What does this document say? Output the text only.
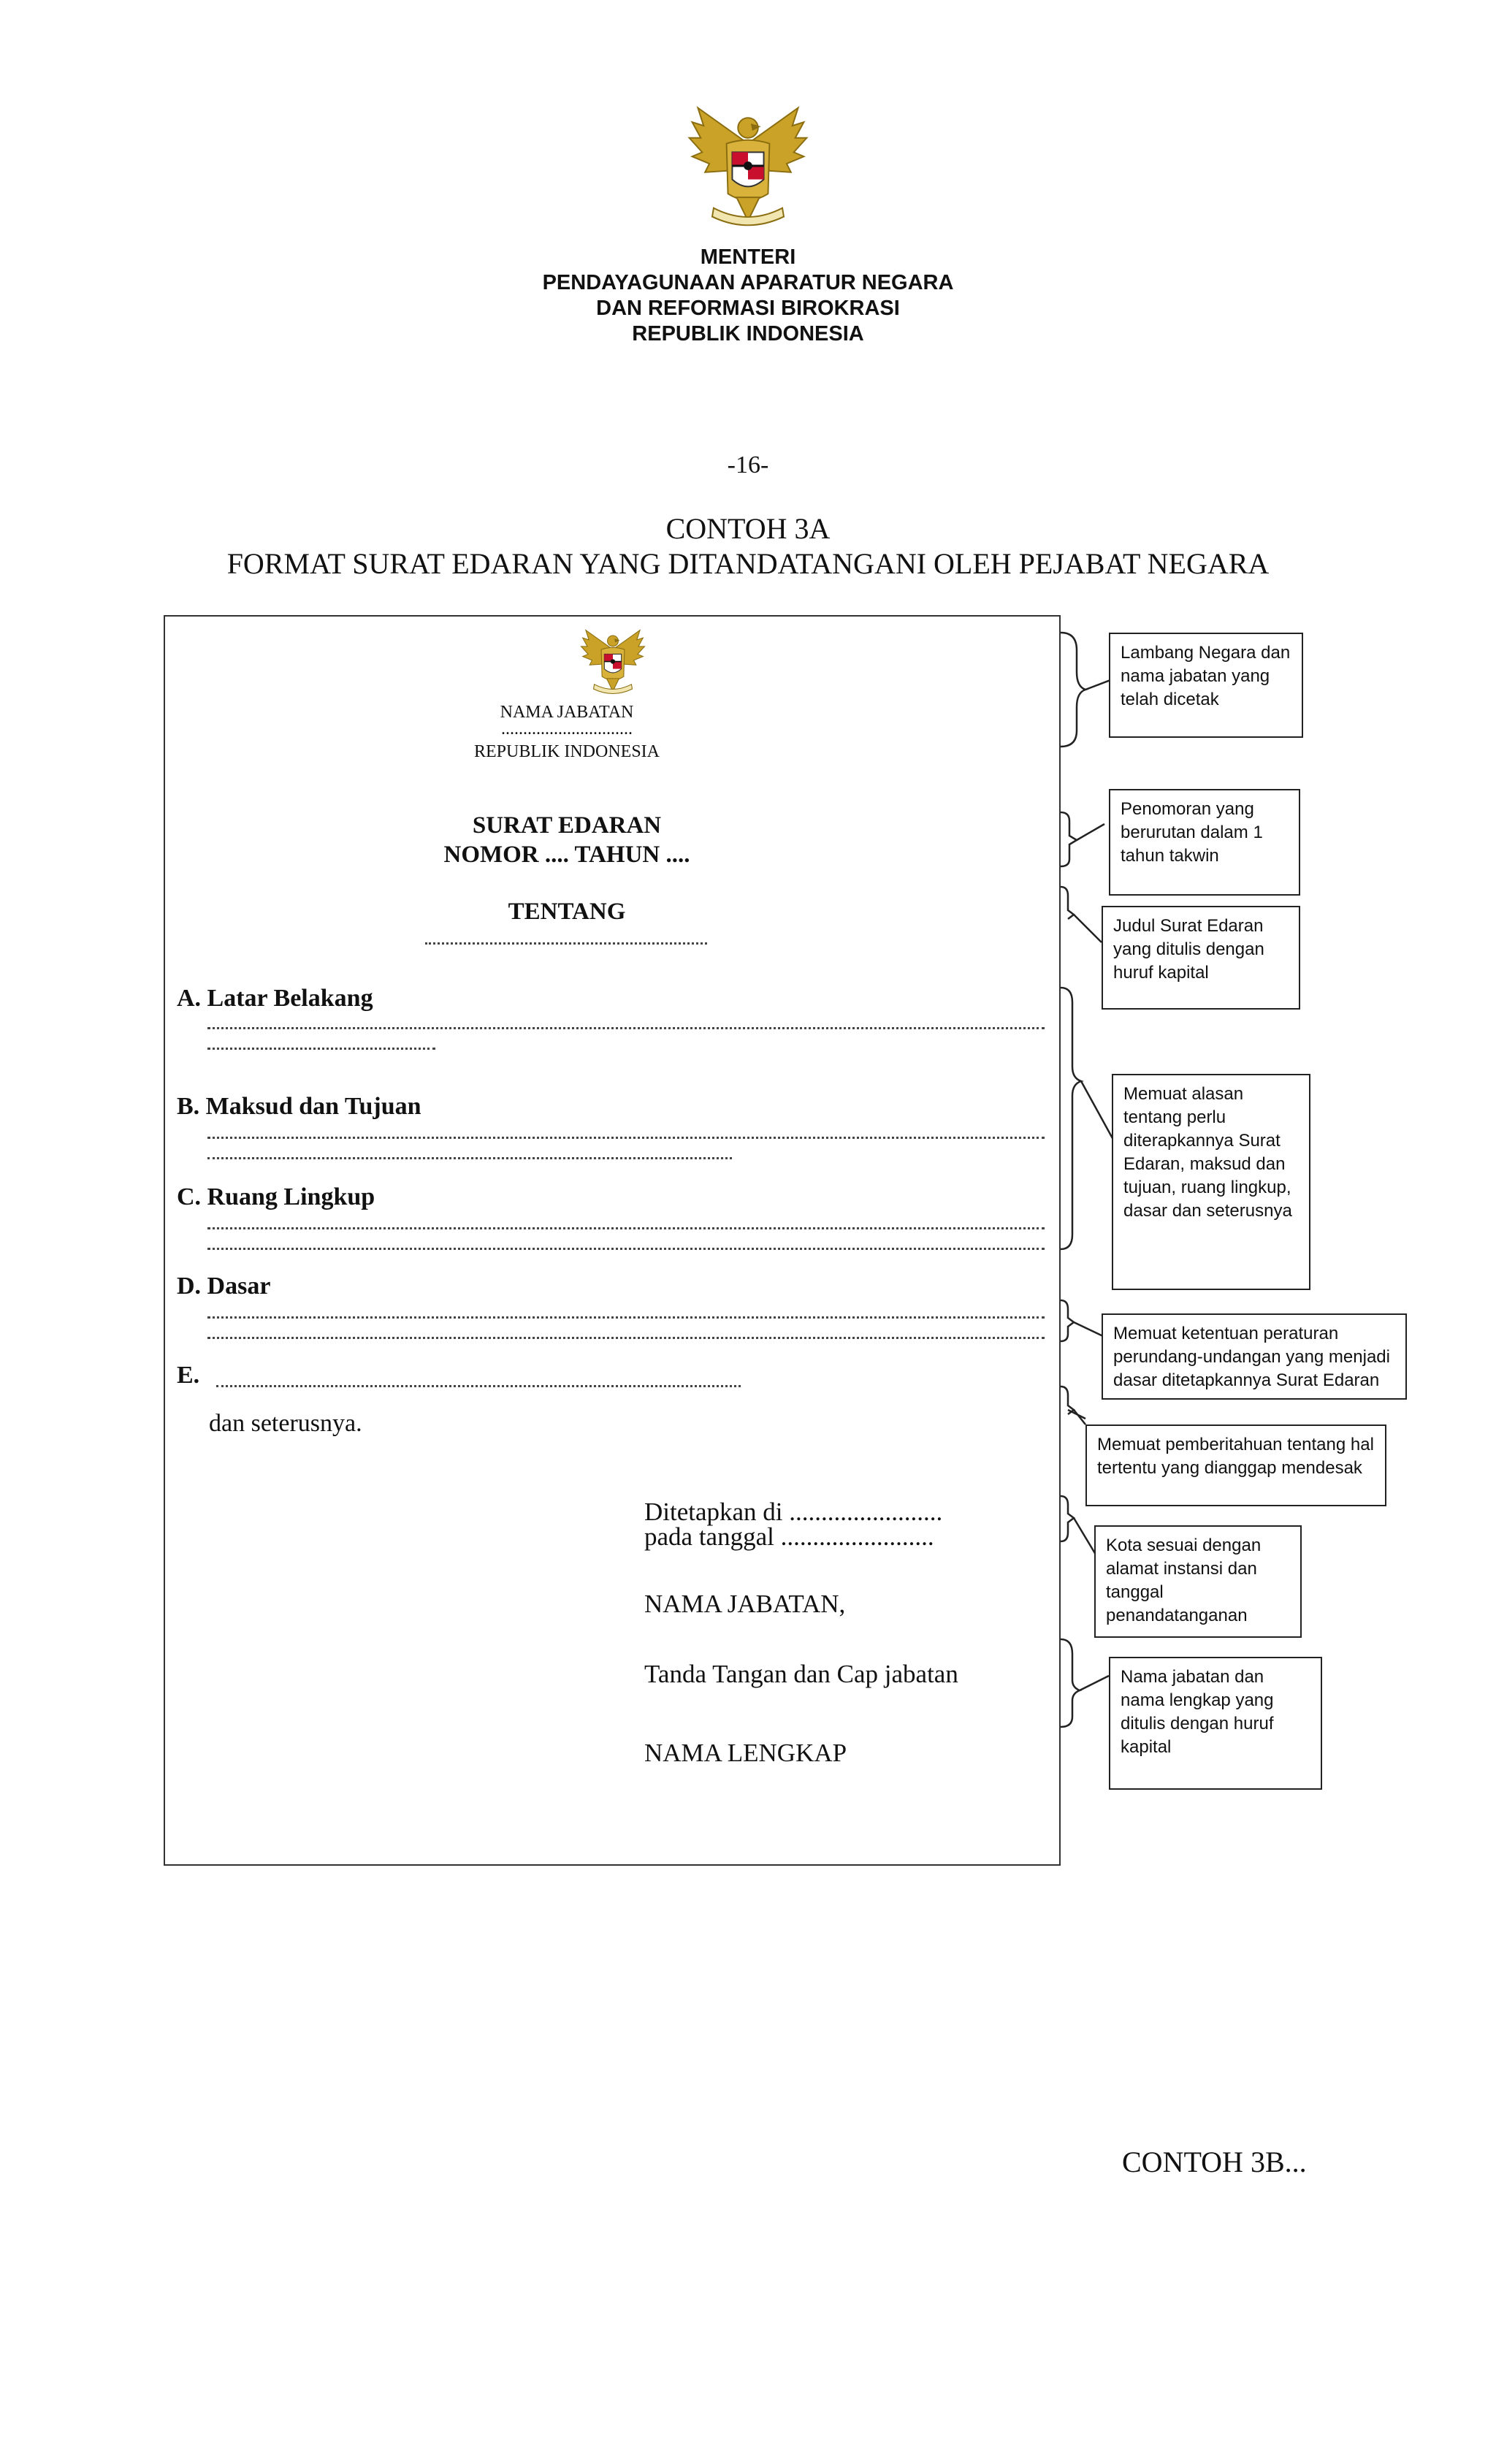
MENTERI
PENDAYAGUNAAN APARATUR NEGARA
DAN REFORMASI BIROKRASI
REPUBLIK INDONESIA
-16-
CONTOH 3A
FORMAT SURAT EDARAN YANG DITANDATANGANI OLEH PEJABAT NEGARA
NAMA JABATAN
..............................
REPUBLIK INDONESIA
SURAT EDARAN
NOMOR .... TAHUN ....
TENTANG
A. Latar Belakang
B. Maksud dan Tujuan
C. Ruang Lingkup
D. Dasar
E.
dan seterusnya.
Ditetapkan di ........................
pada tanggal ........................
NAMA JABATAN,
Tanda Tangan dan Cap jabatan
NAMA LENGKAP
Lambang Negara dan nama jabatan yang telah dicetak
Penomoran yang berurutan dalam 1 tahun takwin
Judul Surat Edaran yang ditulis dengan huruf kapital
Memuat alasan tentang perlu diterapkannya Surat Edaran, maksud dan tujuan, ruang lingkup, dasar dan seterusnya
Memuat ketentuan peraturan perundang-undangan yang menjadi dasar ditetapkannya Surat Edaran
Memuat pemberitahuan tentang hal tertentu yang dianggap mendesak
Kota sesuai dengan alamat instansi dan tanggal penandatanganan
Nama jabatan dan nama lengkap yang ditulis dengan huruf kapital
CONTOH 3B...
